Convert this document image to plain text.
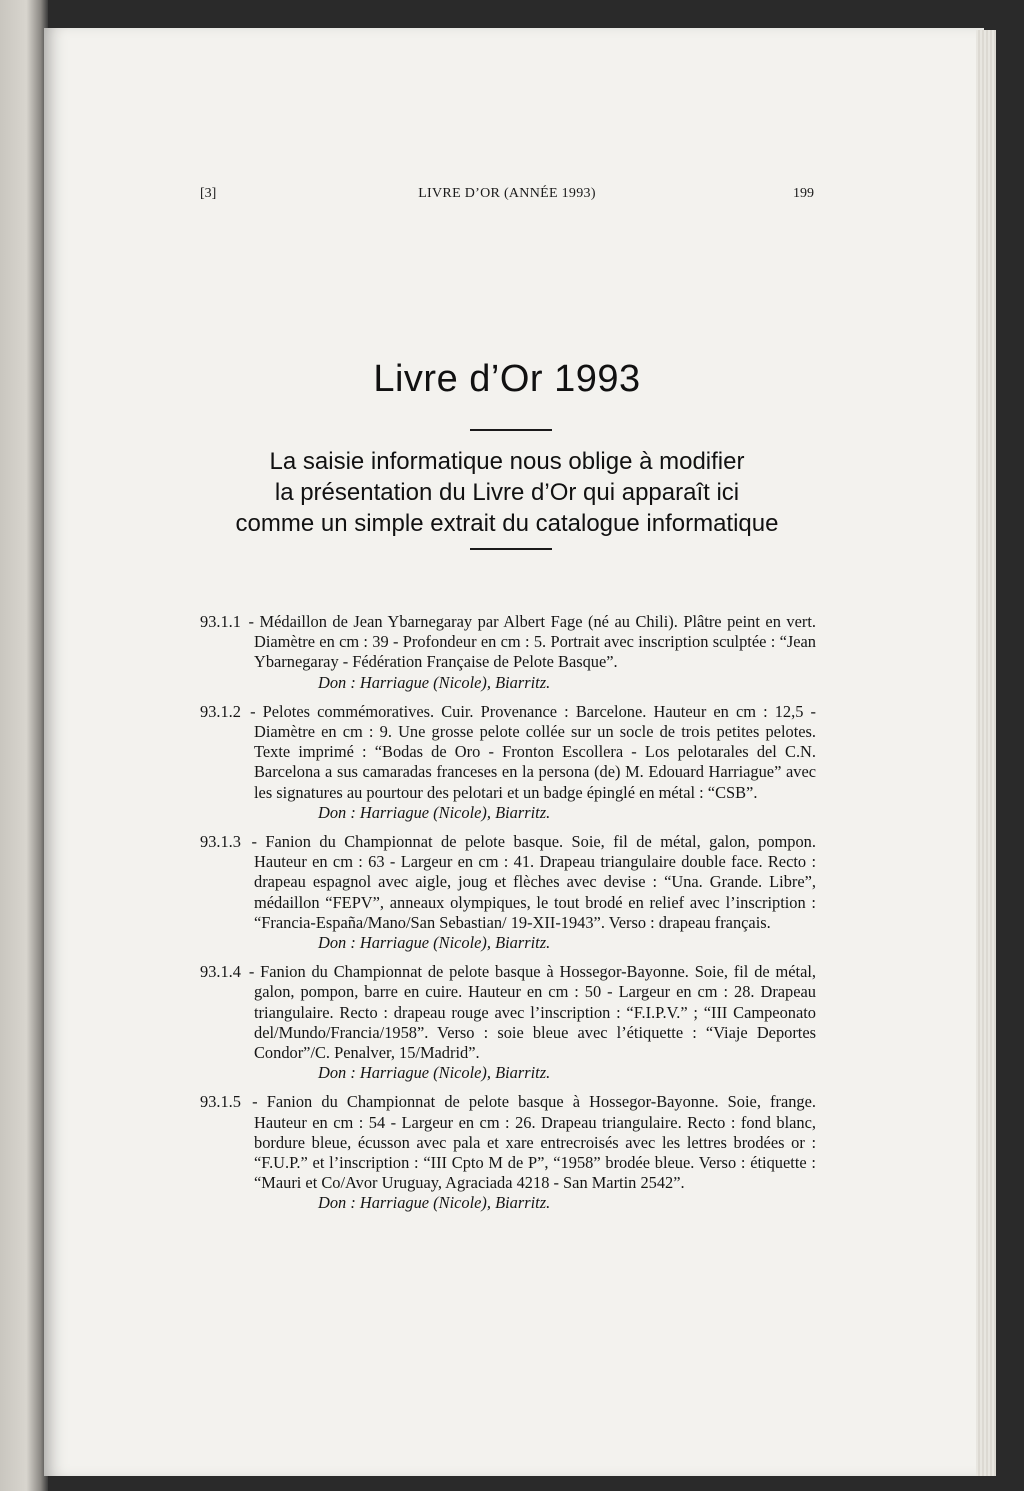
[3]	LIVRE D’OR (ANNÉE 1993)	199
Livre d’Or 1993
La saisie informatique nous oblige à modifier
la présentation du Livre d’Or qui apparaît ici
comme un simple extrait du catalogue informatique
93.1.1 - Médaillon de Jean Ybarnegaray par Albert Fage (né au Chili). Plâtre peint en vert. Diamètre en cm : 39 - Profondeur en cm : 5. Portrait avec inscription sculptée : “Jean Ybarnegaray - Fédération Française de Pelote Basque”.
Don : Harriague (Nicole), Biarritz.
93.1.2 - Pelotes commémoratives. Cuir. Provenance : Barcelone. Hauteur en cm : 12,5 - Diamètre en cm : 9. Une grosse pelote collée sur un socle de trois petites pelotes. Texte imprimé : “Bodas de Oro - Fronton Escollera - Los pelotarales del C.N. Barcelona a sus camaradas franceses en la persona (de) M. Edouard Harriague” avec les signatures au pourtour des pelotari et un badge épinglé en métal : “CSB”.
Don : Harriague (Nicole), Biarritz.
93.1.3 - Fanion du Championnat de pelote basque. Soie, fil de métal, galon, pompon. Hauteur en cm : 63 - Largeur en cm : 41. Drapeau triangulaire double face. Recto : drapeau espagnol avec aigle, joug et flèches avec devise : “Una. Grande. Libre”, médaillon “FEPV”, anneaux olympiques, le tout brodé en relief avec l’inscription : “Francia-España/Mano/San Sebastian/ 19-XII-1943”. Verso : drapeau français.
Don : Harriague (Nicole), Biarritz.
93.1.4 - Fanion du Championnat de pelote basque à Hossegor-Bayonne. Soie, fil de métal, galon, pompon, barre en cuire. Hauteur en cm : 50 - Largeur en cm : 28. Drapeau triangulaire. Recto : drapeau rouge avec l’inscription : “F.I.P.V.” ; “III Campeonato del/Mundo/Francia/1958”. Verso : soie bleue avec l’étiquette : “Viaje Deportes Condor”/C. Penalver, 15/Madrid”.
Don : Harriague (Nicole), Biarritz.
93.1.5 - Fanion du Championnat de pelote basque à Hossegor-Bayonne. Soie, frange. Hauteur en cm : 54 - Largeur en cm : 26. Drapeau triangulaire. Recto : fond blanc, bordure bleue, écusson avec pala et xare entrecroisés avec les lettres brodées or : “F.U.P.” et l’inscription : “III Cpto M de P”, “1958” brodée bleue. Verso : étiquette : “Mauri et Co/Avor Uruguay, Agraciada 4218 - San Martin 2542”.
Don : Harriague (Nicole), Biarritz.
